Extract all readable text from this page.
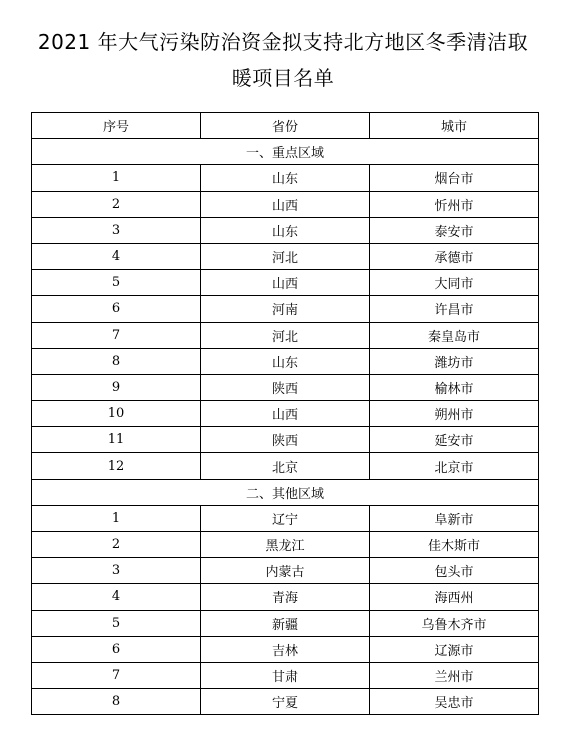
2021 年大气污染防治资金拟支持北方地区冬季清洁取
暖项目名单
序号	省份	城市
一、重点区域		
1	山东	烟台市
2	山西	忻州市
3	山东	泰安市
4	河北	承德市
5	山西	大同市
6	河南	许昌市
7	河北	秦皇岛市
8	山东	潍坊市
9	陕西	榆林市
10	山西	朔州市
11	陕西	延安市
12	北京	北京市
二、其他区域		
1	辽宁	阜新市
2	黑龙江	佳木斯市
3	内蒙古	包头市
4	青海	海西州
5	新疆	乌鲁木齐市
6	吉林	辽源市
7	甘肃	兰州市
8	宁夏	吴忠市
